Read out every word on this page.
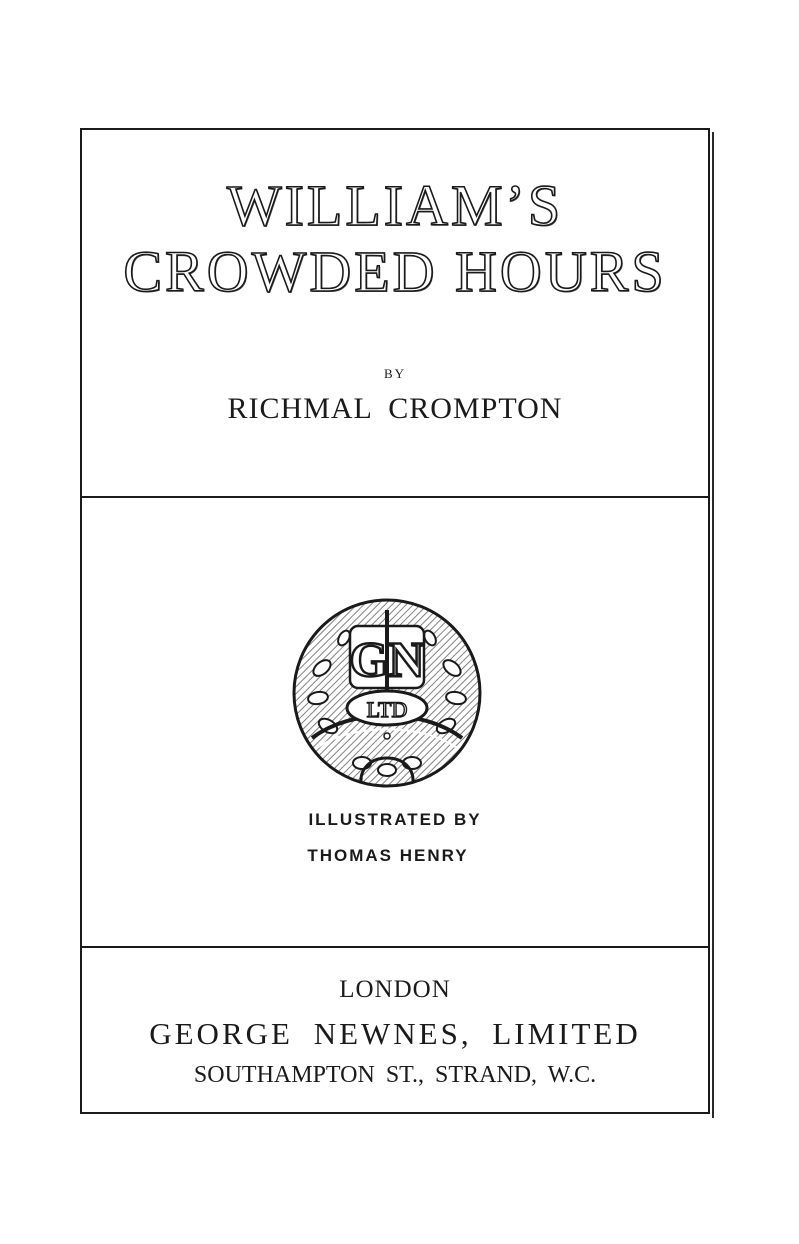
WILLIAM’S
CROWDED HOURS
BY
RICHMAL CROMPTON
GN
LTD
ILLUSTRATED BY
THOMAS HENRY
LONDON
GEORGE NEWNES, LIMITED
SOUTHAMPTON ST., STRAND, W.C.
